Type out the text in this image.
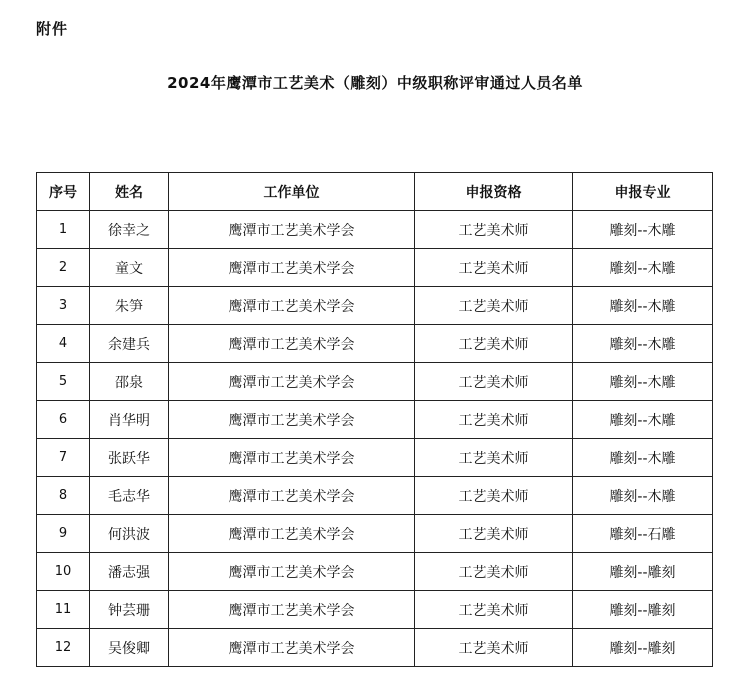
附件
2024年鹰潭市工艺美术（雕刻）中级职称评审通过人员名单
序号	姓名	工作单位	申报资格	申报专业
1	徐幸之	鹰潭市工艺美术学会	工艺美术师	雕刻--木雕
2	童文	鹰潭市工艺美术学会	工艺美术师	雕刻--木雕
3	朱笋	鹰潭市工艺美术学会	工艺美术师	雕刻--木雕
4	余建兵	鹰潭市工艺美术学会	工艺美术师	雕刻--木雕
5	邵泉	鹰潭市工艺美术学会	工艺美术师	雕刻--木雕
6	肖华明	鹰潭市工艺美术学会	工艺美术师	雕刻--木雕
7	张跃华	鹰潭市工艺美术学会	工艺美术师	雕刻--木雕
8	毛志华	鹰潭市工艺美术学会	工艺美术师	雕刻--木雕
9	何洪波	鹰潭市工艺美术学会	工艺美术师	雕刻--石雕
10	潘志强	鹰潭市工艺美术学会	工艺美术师	雕刻--雕刻
11	钟芸珊	鹰潭市工艺美术学会	工艺美术师	雕刻--雕刻
12	吴俊卿	鹰潭市工艺美术学会	工艺美术师	雕刻--雕刻
